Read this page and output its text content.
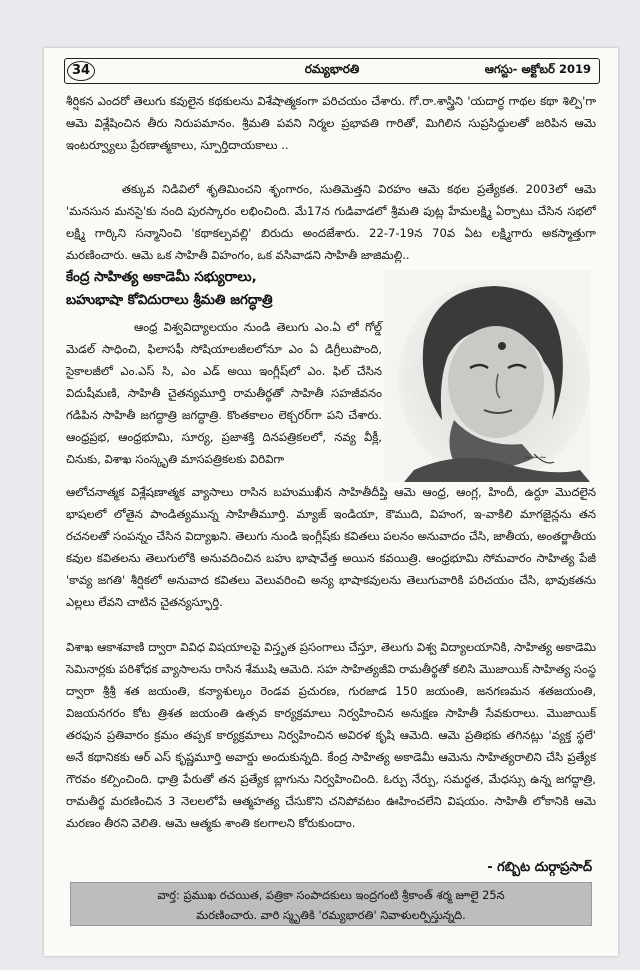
34	రమ్యభారతి	ఆగస్టు- అక్టోబర్ 2019

శీర్షికన ఎందరో తెలుగు కవులైన కథకులను విశేషాత్మకంగా పరిచయం చేశారు. గో.రా.శాస్త్రిని 'యదార్ధ గాథల కథా శిల్పి'గా ఆమె విశ్లేషించిన తీరు నిరుపమానం. శ్రీమతి పవని నిర్మల ప్రభావతి గారితో, మిగిలిన సుప్రసిద్ధులతో జరిపిన ఆమె ఇంటర్వ్యూలు ప్రేరణాత్మకాలు, స్పూర్తిదాయకాలు ..

తక్కువ నిడివిలో శృతిమించని శృంగారం, సుతిమెత్తని విరహం ఆమె కథల ప్రత్యేకత. 2003లో ఆమె 'మనసున మనసై'కు నంది పురస్కారం లభించింది. మే17న గుడివాడలో శ్రీమతి పుట్ల హేమలక్ష్మి ఏర్పాటు చేసిన సభలో లక్ష్మి గార్కిని సన్మానించి 'కథాకల్పవల్లి' బిరుదు అందజేశారు. 22-7-19న 70వ ఏట లక్ష్మిగారు అకస్మాత్తుగా మరణించారు. ఆమె ఒక సాహితీ విహంగం, ఒక వసివాడని సాహితీ జాజిమల్లి..

కేంద్ర సాహిత్య అకాడెమీ సభ్యురాలు,
బహుభాషా కోవిదురాలు శ్రీమతి జగద్ధాత్రి
~~~

ఆంధ్ర విశ్వవిద్యాలయం నుండి తెలుగు ఎం.ఏ లో గోల్డ్ మెడల్ సాధించి, ఫిలాసఫీ సోషియాలజీలలోనూ ఎం ఏ డిగ్రీలుపొంది, సైకాలజీలో ఎం.ఎస్ సి, ఎం ఎడ్ అయి ఇంగ్లీష్‌లో ఎం. ఫిల్ చేసిన విదుషీమణి, సాహితీ చైతన్యమూర్తి రామతీర్థతో సాహితీ సహజీవనం గడిపిన సాహితీ జగద్ధాత్రి జగద్ధాత్రి. కొంతకాలం లెక్చరర్‌గా పని చేశారు. ఆంధ్రప్రభ, ఆంధ్రభూమి, సూర్య, ప్రజాశక్తి దినపత్రికలలో, నవ్య వీక్లీ, చినుకు, విశాఖ సంస్కృతి మాసపత్రికలకు విరివిగా

ఆలోచనాత్మక విశ్లేషణాత్మక వ్యాసాలు రాసిన బహుముఖీన సాహితీదీప్తి ఆమె ఆంధ్ర, ఆంగ్ల, హిందీ, ఉర్దూ మొదలైన భాషలలో లోతైన పాండిత్యమున్న సాహితీమూర్తి. మ్యాజ్ ఇండియా, కౌముది, విహంగ, ఇ-వాకిలి మాగజైన్లను తన రచనలతో సంపన్నం చేసిన విద్యాఖని. తెలుగు నుండి ఇంగ్లీష్‌కు కవితలు పలనం అనువాదం చేసి, జాతీయ, అంతర్జాతీయ కవుల కవితలను తెలుగులోకి అనువదించిన బహు భాషావేత్త అయిన కవయిత్రి. ఆంధ్రభూమి సోమవారం సాహిత్య పేజీ 'కావ్య జగతి' శీర్షికలో అనువాద కవితలు వెలువరించి అన్య భాషాకవులను తెలుగువారికి పరిచయం చేసి, భావుకతను ఎల్లలు లేవని చాటిన చైతన్యస్ఫూర్తి.

విశాఖ ఆకాశవాణి ద్వారా వివిధ విషయాలపై విస్తృత ప్రసంగాలు చేస్తూ, తెలుగు విశ్వ విద్యాలయానికి, సాహిత్య అకాడెమి సెమినార్లకు పరిశోధక వ్యాసాలను రాసిన శేముషి ఆమెది. సహ సాహిత్యజీవి రామతీర్థతో కలిసి మొజాయిక్ సాహిత్య సంస్థ ద్వారా శ్రీశ్రీ శత జయంతి, కన్యాశుల్కం రెండవ ప్రచురణ, గురజాడ 150 జయంతి, జనగణమన శతజయంతి, విజయనగరం కోట త్రిశత జయంతి ఉత్సవ కార్యక్రమాలు నిర్వహించిన అనుక్షణ సాహితీ సేవకురాలు. మొజాయిక్ తరఫున ప్రతివారం క్రమం తప్పక కార్యక్రమాలు నిర్వహించిన అవిరళ కృషి ఆమెది. ఆమె ప్రతిభకు తగినట్లు 'వ్యక్త స్థలే' అనే కథానికకు ఆర్ ఎస్ కృష్ణమూర్తి అవార్డు అందుకున్నది. కేంద్ర సాహిత్య అకాడెమీ ఆమెను సాహిత్యరాలిని చేసి ప్రత్యేక గౌరవం కల్పించింది. ధాత్రి పేరుతో తన ప్రత్యేక బ్లాగును నిర్వహించింది. ఓర్పు నేర్పు, సమర్థత, మేధస్సు ఉన్న జగద్ధాత్రి, రామతీర్థ మరణించిన 3 నెలలలోపే ఆత్మహత్య చేసుకొని చనిపోవటం ఊహించలేని విషయం. సాహితీ లోకానికి ఆమె మరణం తీరని వెలితి. ఆమె ఆత్మకు శాంతి కలగాలని కోరుకుందాం.

- గబ్బిట దుర్గాప్రసాద్
వార్త: ప్రముఖ రచయిత, పత్రికా సంపాదకులు ఇంద్రగంటి శ్రీకాంత్ శర్మ జూలై 25న
మరణించారు. వారి స్మృతికి 'రమ్యభారతి' నివాళులర్పిస్తున్నది.
